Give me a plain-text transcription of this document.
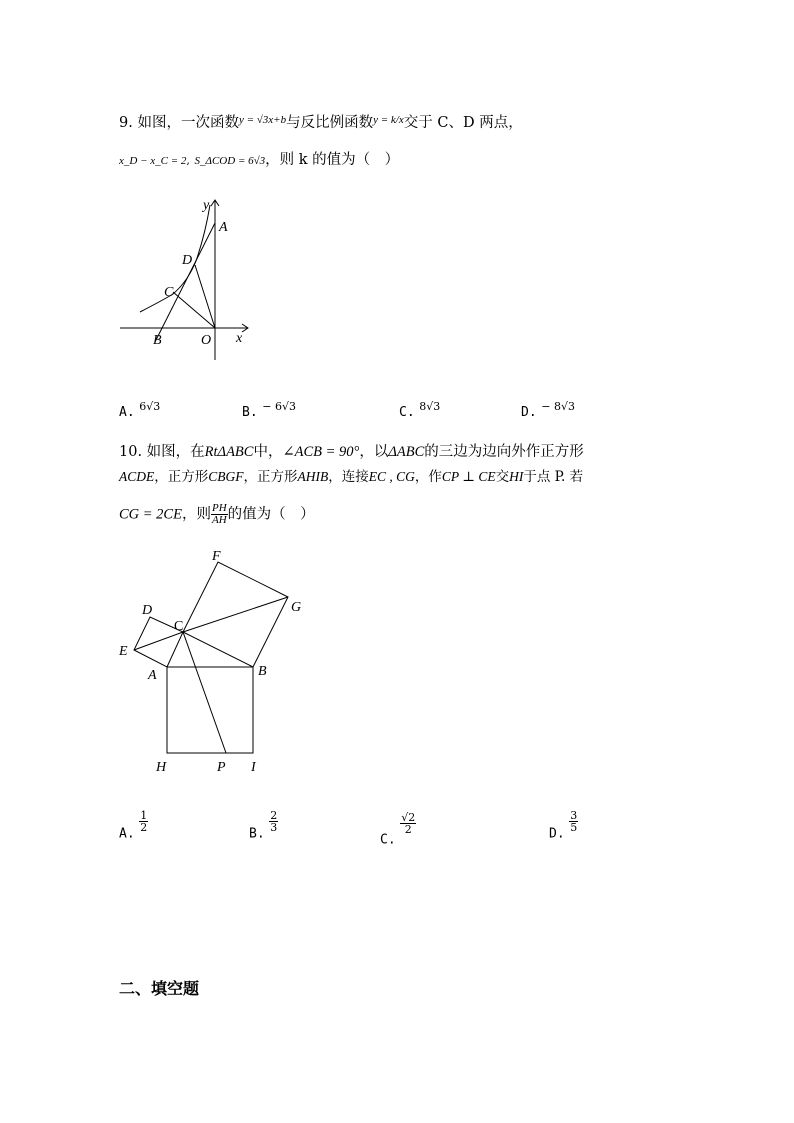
9. 如图，一次函数$^{y = √3x+b}$与反比例函数$^{y = k/x}$交于 C、D 两点，
x_D − x_C = 2, S_ΔCOD = 6√3，则 k 的值为（　）
y
A
D
C
B	O x
A. $^{6√3}$	B. $^{- 6√3}$	C. $^{8√3}$	D. $^{- 8√3}$
10. 如图，在RtΔABC中，∠ACB = 90°，以ΔABC的三边为边向外作正方形
ACDE，正方形CBGF，正方形AHIB，连接EC , CG，作CP ⊥ CE交HI于点 P. 若
CG = 2CE，则 $\frac{PH}{AH}$ 的值为（　）
F
G
D
C
E
A	B
H	P I
A.
$\frac{1}{2}$
B.
$\frac{2}{3}$
C.
$\frac{√2}{2}$	D.
$\frac{3}{5}$
二、填空题
